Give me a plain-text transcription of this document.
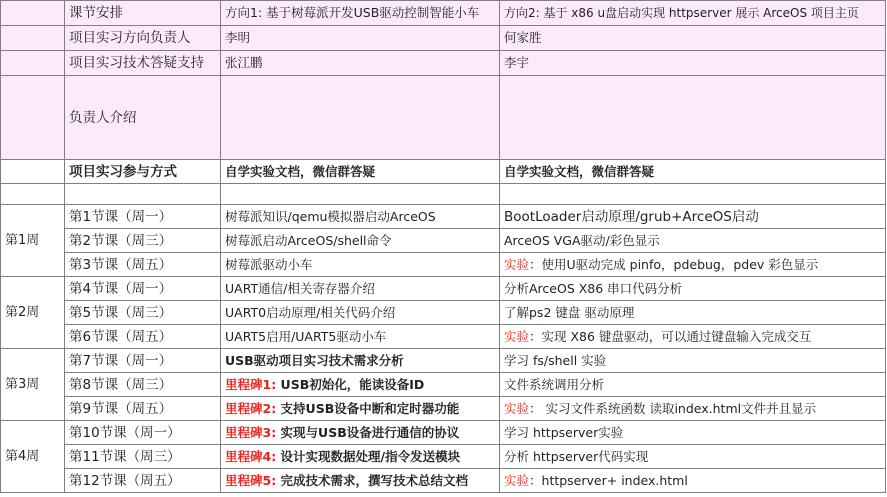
	课节安排	方向1: 基于树莓派开发USB驱动控制智能小车	方向2: 基于 x86 u盘启动实现 httpserver 展示 ArceOS 项目主页
	项目实习方向负责人	李明	何家胜
	项目实习技术答疑支持	张江鹏	李宇
	负责人介绍		
	项目实习参与方式	自学实验文档，微信群答疑	自学实验文档，微信群答疑

第1周	第1节课（周一）	树莓派知识/qemu模拟器启动ArceOS	BootLoader启动原理/grub+ArceOS启动
	第2节课（周三）	树莓派启动ArceOS/shell命令	ArceOS VGA驱动/彩色显示
	第3节课（周五）	树莓派驱动小车	实验：使用U驱动完成 pinfo，pdebug，pdev 彩色显示
第2周	第4节课（周一）	UART通信/相关寄存器介绍	分析ArceOS X86 串口代码分析
	第5节课（周三）	UART0启动原理/相关代码介绍	了解ps2 键盘 驱动原理
	第6节课（周五）	UART5启用/UART5驱动小车	实验：实现 X86 键盘驱动，可以通过键盘输入完成交互
第3周	第7节课（周一）	USB驱动项目实习技术需求分析	学习 fs/shell 实验
	第8节课（周三）	里程碑1: USB初始化，能读设备ID	文件系统调用分析
	第9节课（周五）	里程碑2: 支持USB设备中断和定时器功能	实验： 实习文件系统函数 读取index.html文件并且显示
第4周	第10节课（周一）	里程碑3: 实现与USB设备进行通信的协议	学习 httpserver实验
	第11节课（周三）	里程碑4: 设计实现数据处理/指令发送模块	分析 httpserver代码实现
	第12节课（周五）	里程碑5: 完成技术需求，撰写技术总结文档	实验：httpserver+ index.html
